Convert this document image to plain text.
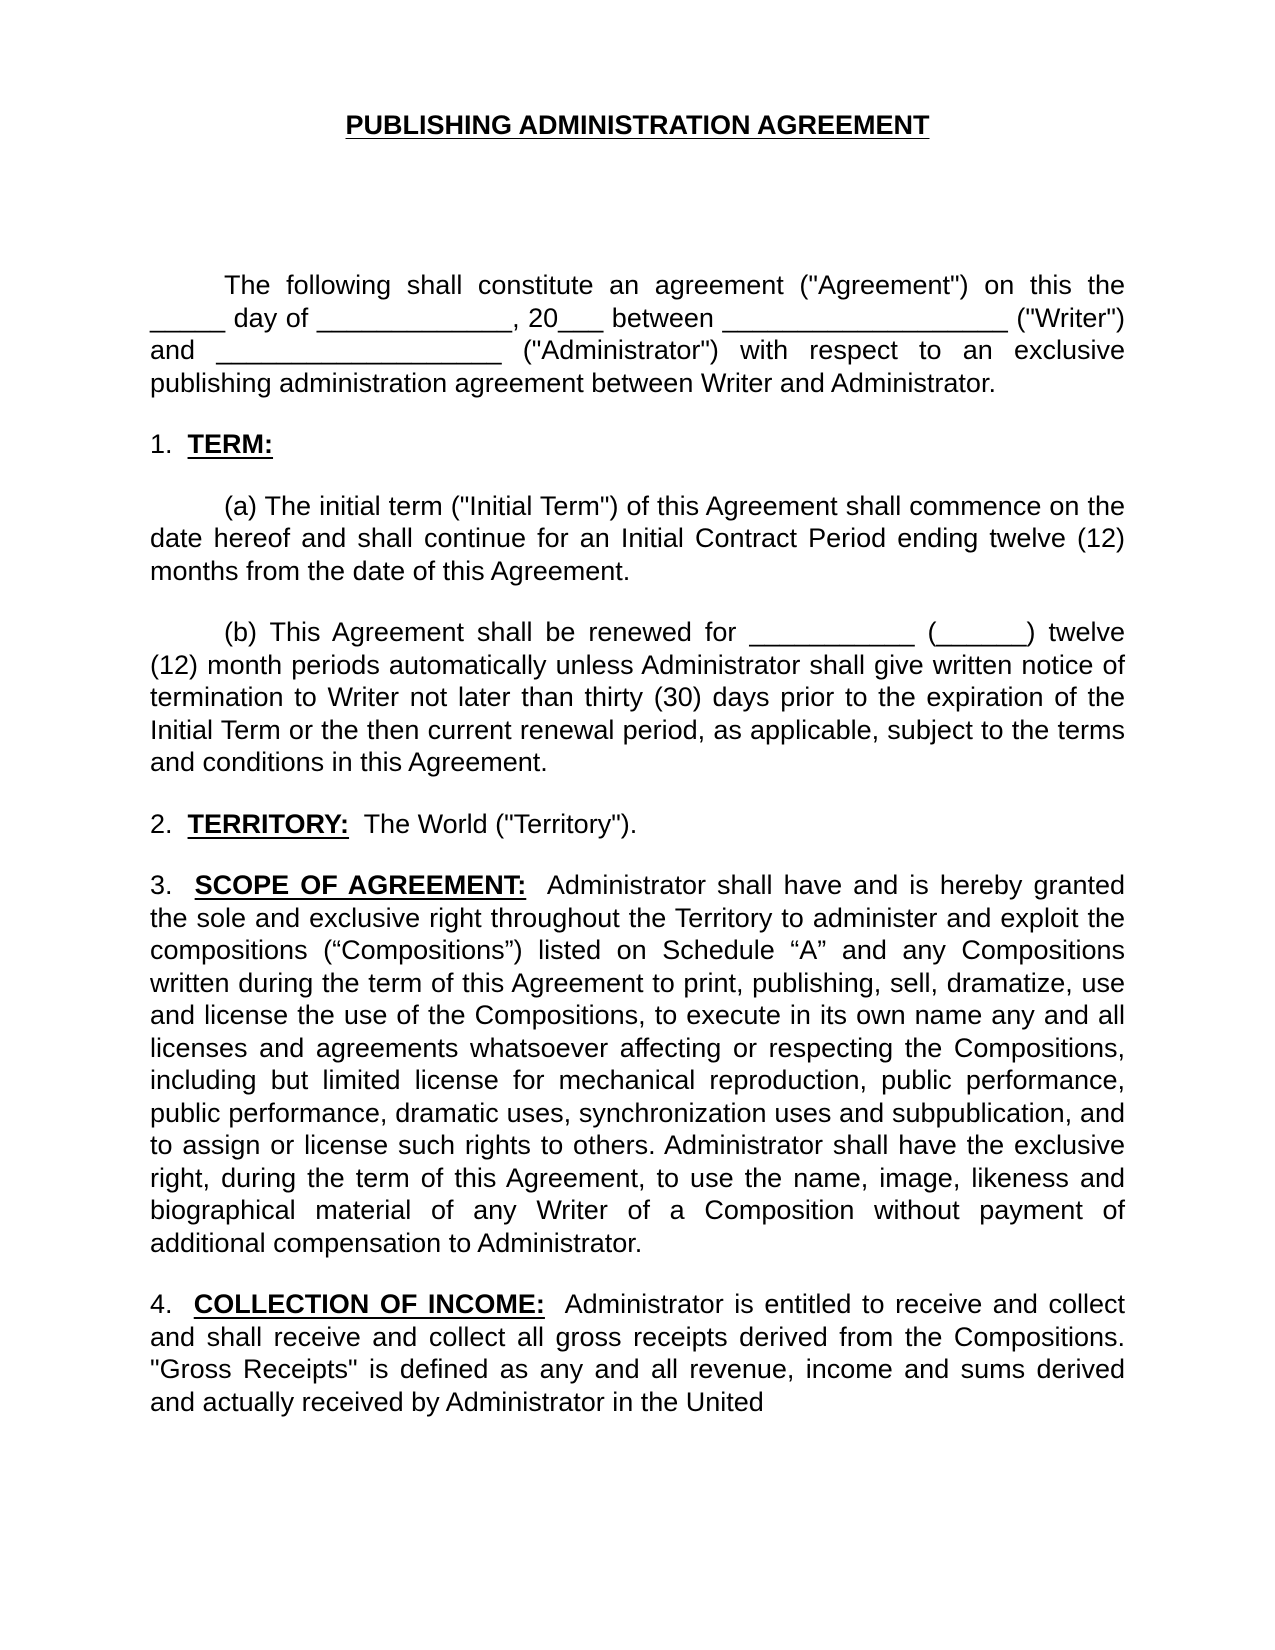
PUBLISHING ADMINISTRATION AGREEMENT

The following shall constitute an agreement ("Agreement") on this the _____ day of _____________, 20___ between ___________________ ("Writer") and ___________________ ("Administrator") with respect to an exclusive publishing administration agreement between Writer and Administrator.

1. TERM:

(a) The initial term ("Initial Term") of this Agreement shall commence on the date hereof and shall continue for an Initial Contract Period ending twelve (12) months from the date of this Agreement.

(b) This Agreement shall be renewed for ___________ (______) twelve (12) month periods automatically unless Administrator shall give written notice of termination to Writer not later than thirty (30) days prior to the expiration of the Initial Term or the then current renewal period, as applicable, subject to the terms and conditions in this Agreement.

2. TERRITORY: The World ("Territory").

3. SCOPE OF AGREEMENT: Administrator shall have and is hereby granted the sole and exclusive right throughout the Territory to administer and exploit the compositions (“Compositions”) listed on Schedule “A” and any Compositions written during the term of this Agreement to print, publishing, sell, dramatize, use and license the use of the Compositions, to execute in its own name any and all licenses and agreements whatsoever affecting or respecting the Compositions, including but limited license for mechanical reproduction, public performance, public performance, dramatic uses, synchronization uses and subpublication, and to assign or license such rights to others. Administrator shall have the exclusive right, during the term of this Agreement, to use the name, image, likeness and biographical material of any Writer of a Composition without payment of additional compensation to Administrator.

4. COLLECTION OF INCOME: Administrator is entitled to receive and collect and shall receive and collect all gross receipts derived from the Compositions. "Gross Receipts" is defined as any and all revenue, income and sums derived and actually received by Administrator in the United
